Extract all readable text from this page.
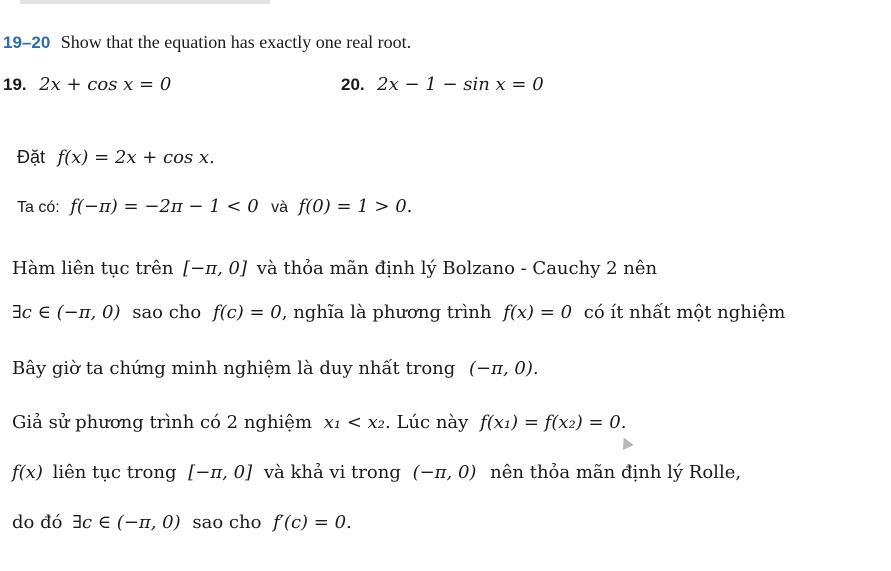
19–20 Show that the equation has exactly one real root.
19. 2x + cos x = 0	20. 2x − 1 − sin x = 0
Đặt f(x) = 2x + cos x.
Ta có: f(−π) = −2π − 1 < 0 và f(0) = 1 > 0.
Hàm liên tục trên [−π, 0] và thỏa mãn định lý Bolzano - Cauchy 2 nên
∃c ∈ (−π, 0) sao cho f(c) = 0, nghĩa là phương trình f(x) = 0 có ít nhất một nghiệm
Bây giờ ta chứng minh nghiệm là duy nhất trong (−π, 0).
Giả sử phương trình có 2 nghiệm x₁ < x₂. Lúc này f(x₁) = f(x₂) = 0.
f(x) liên tục trong [−π, 0] và khả vi trong (−π, 0) nên thỏa mãn định lý Rolle,
do đó ∃c ∈ (−π, 0) sao cho f′(c) = 0.
